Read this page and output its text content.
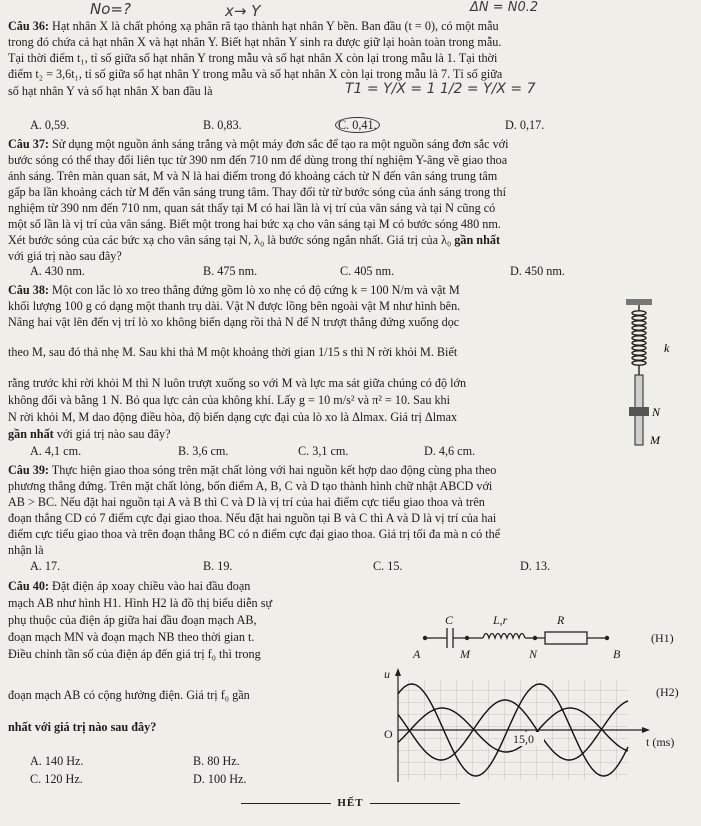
No=?	x→ Y	ΔN = N0.2
Câu 36: Hạt nhân X là chất phóng xạ phân rã tạo thành hạt nhân Y bền. Ban đầu (t = 0), có một mẫu
trong đó chứa cả hạt nhân X và hạt nhân Y. Biết hạt nhân Y sinh ra được giữ lại hoàn toàn trong mẫu.
Tại thời điểm t₁, tỉ số giữa số hạt nhân Y trong mẫu và số hạt nhân X còn lại trong mẫu là 1. Tại thời
điểm t₂ = 3,6t₁, tỉ số giữa số hạt nhân Y trong mẫu và số hạt nhân X còn lại trong mẫu là 7. Tỉ số giữa
số hạt nhân Y và số hạt nhân X ban đầu là	T1 = Y/X = 1 1/2 = Y/X = 7
A. 0,59.	B. 0,83.	C. 0,41.	D. 0,17.
Câu 37: Sử dụng một nguồn ánh sáng trắng và một máy đơn sắc để tạo ra một nguồn sáng đơn sắc với
bước sóng có thể thay đổi liên tục từ 390 nm đến 710 nm để dùng trong thí nghiệm Y-âng về giao thoa
ánh sáng. Trên màn quan sát, M và N là hai điểm trong đó khoảng cách từ N đến vân sáng trung tâm
gấp ba lần khoảng cách từ M đến vân sáng trung tâm. Thay đổi từ từ bước sóng của ánh sáng trong thí
nghiệm từ 390 nm đến 710 nm, quan sát thấy tại M có hai lần là vị trí của vân sáng và tại N cũng có
một số lần là vị trí của vân sáng. Biết một trong hai bức xạ cho vân sáng tại M có bước sóng 480 nm.
Xét bước sóng của các bức xạ cho vân sáng tại N, λ₀ là bước sóng ngắn nhất. Giá trị của λ₀ gần nhất
với giá trị nào sau đây?
A. 430 nm.	B. 475 nm.	C. 405 nm.	D. 450 nm.
Câu 38: Một con lắc lò xo treo thẳng đứng gồm lò xo nhẹ có độ cứng k = 100 N/m và vật M
khối lượng 100 g có dạng một thanh trụ dài. Vật N được lồng bên ngoài vật M như hình bên.
Nâng hai vật lên đến vị trí lò xo không biến dạng rồi thả N để N trượt thẳng đứng xuống dọc
theo M, sau đó thả nhẹ M. Sau khi thả M một khoảng thời gian 1/15 s thì N rời khỏi M. Biết
rằng trước khi rời khỏi M thì N luôn trượt xuống so với M và lực ma sát giữa chúng có độ lớn
không đổi và bằng 1 N. Bỏ qua lực cản của không khí. Lấy g = 10 m/s² và π² = 10. Sau khi
N rời khỏi M, M dao động điều hòa, độ biến dạng cực đại của lò xo là Δlmax. Giá trị Δlmax
gần nhất với giá trị nào sau đây?
k
N
M
A. 4,1 cm.	B. 3,6 cm.	C. 3,1 cm.	D. 4,6 cm.
Câu 39: Thực hiện giao thoa sóng trên mặt chất lỏng với hai nguồn kết hợp dao động cùng pha theo
phương thẳng đứng. Trên mặt chất lỏng, bốn điểm A, B, C và D tạo thành hình chữ nhật ABCD với
AB > BC. Nếu đặt hai nguồn tại A và B thì C và D là vị trí của hai điểm cực tiểu giao thoa và trên
đoạn thẳng CD có 7 điểm cực đại giao thoa. Nếu đặt hai nguồn tại B và C thì A và D là vị trí của hai
điểm cực tiểu giao thoa và trên đoạn thẳng BC có n điểm cực đại giao thoa. Giá trị tối đa mà n có thể
nhận là
A. 17.	B. 19.	C. 15.	D. 13.
Câu 40: Đặt điện áp xoay chiều vào hai đầu đoạn
mạch AB như hình H1. Hình H2 là đồ thị biểu diễn sự
phụ thuộc của điện áp giữa hai đầu đoạn mạch AB,
đoạn mạch MN và đoạn mạch NB theo thời gian t.
Điều chỉnh tần số của điện áp đến giá trị f₀ thì trong
đoạn mạch AB có cộng hưởng điện. Giá trị f₀ gần
nhất với giá trị nào sau đây?
C	L,r	R
A	M	N	B
(H1)
u
O	15,0	t (ms)
(H2)
A. 140 Hz.	B. 80 Hz.
C. 120 Hz.	D. 100 Hz.
HẾT
